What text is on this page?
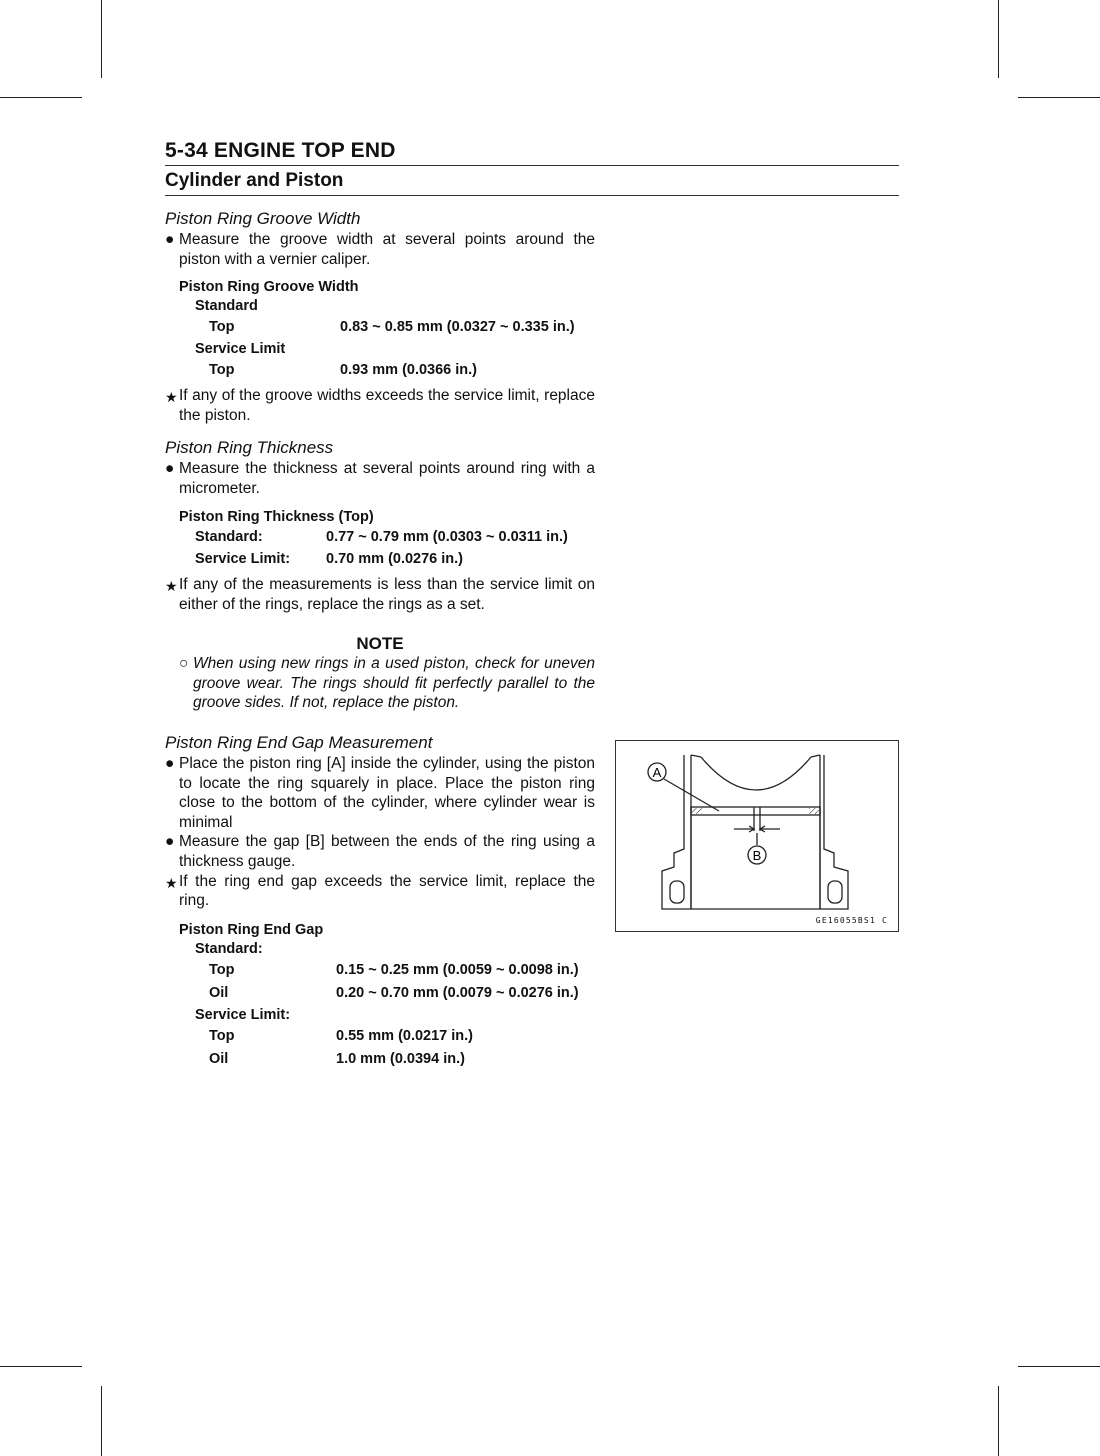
5-34 ENGINE TOP END
Cylinder and Piston

Piston Ring Groove Width

● Measure the groove width at several points around the piston with a vernier caliper.
Piston Ring Groove Width
Standard
Top	0.83 ~ 0.85 mm (0.0327 ~ 0.335 in.)
Service Limit
Top	0.93 mm (0.0366 in.)
★ If any of the groove widths exceeds the service limit, replace the piston.

Piston Ring Thickness

● Measure the thickness at several points around ring with a micrometer.
Piston Ring Thickness (Top)
Standard:	0.77 ~ 0.79 mm (0.0303 ~ 0.0311 in.)
Service Limit:	0.70 mm (0.0276 in.)
★ If any of the measurements is less than the service limit on either of the rings, replace the rings as a set.
NOTE
○ When using new rings in a used piston, check for uneven groove wear. The rings should fit perfectly parallel to the groove sides. If not, replace the piston.

Piston Ring End Gap Measurement

● Place the piston ring [A] inside the cylinder, using the piston to locate the ring squarely in place. Place the piston ring close to the bottom of the cylinder, where cylinder wear is minimal
● Measure the gap [B] between the ends of the ring using a thickness gauge.
★ If the ring end gap exceeds the service limit, replace the ring.
Piston Ring End Gap
Standard:
Top	0.15 ~ 0.25 mm (0.0059 ~ 0.0098 in.)
Oil	0.20 ~ 0.70 mm (0.0079 ~ 0.0276 in.)
Service Limit:
Top	0.55 mm (0.0217 in.)
Oil	1.0 mm (0.0394 in.)
A
B
GE16055BS1 C
